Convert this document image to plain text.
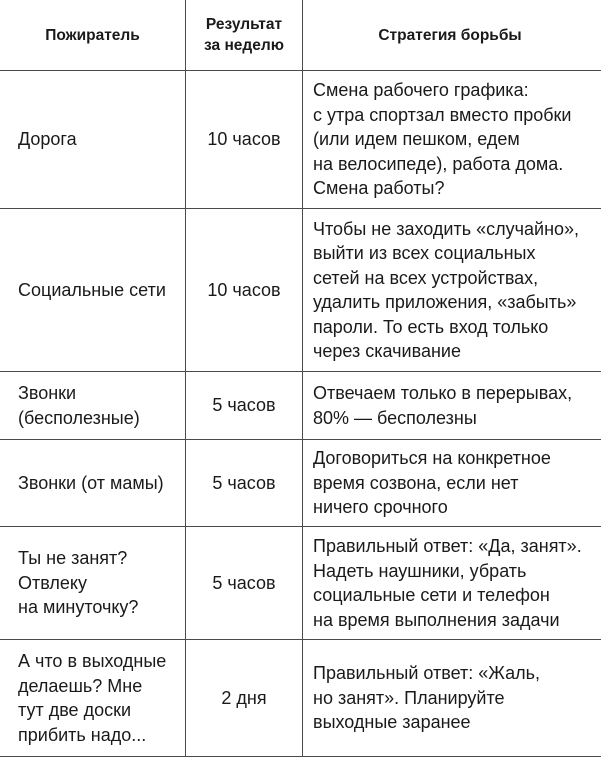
Пожиратель
Результат
за неделю
Стратегия борьбы
Дорога	10 часов
Смена рабочего графика:
с утра спортзал вместо пробки
(или идем пешком, едем
на велосипеде), работа дома.
Смена работы?
Социальные сети 10 часов
Чтобы не заходить «случайно»,
выйти из всех социальных
сетей на всех устройствах,
удалить приложения, «забыть»
пароли. То есть вход только
через скачивание
Звонки
(бесполезные)
5 часов
Отвечаем только в перерывах,
80% — бесполезны
Звонки (от мамы)	5 часов
Договориться на конкретное
время созвона, если нет
ничего срочного
Ты не занят?
Отвлеку
на минуточку?
5 часов
Правильный ответ: «Да, занят».
Надеть наушники, убрать
социальные сети и телефон
на время выполнения задачи
А что в выходные
делаешь? Мне
тут две доски
прибить надо...
2 дня
Правильный ответ: «Жаль,
но занят». Планируйте
выходные заранее
